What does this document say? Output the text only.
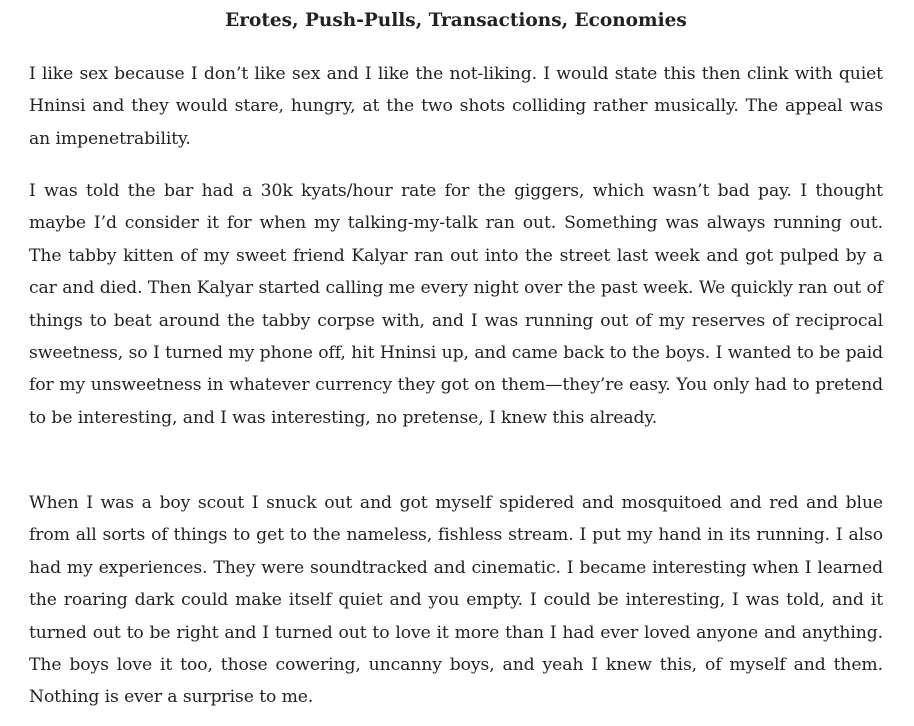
Erotes, Push-Pulls, Transactions, Economies

I like sex because I don’t like sex and I like the not-liking. I would state this then clink with quiet Hninsi and they would stare, hungry, at the two shots colliding rather musically. The appeal was an impenetrability.

I was told the bar had a 30k kyats/hour rate for the giggers, which wasn’t bad pay. I thought maybe I’d consider it for when my talking-my-talk ran out. Something was always running out. The tabby kitten of my sweet friend Kalyar ran out into the street last week and got pulped by a car and died. Then Kalyar started calling me every night over the past week. We quickly ran out of things to beat around the tabby corpse with, and I was running out of my reserves of reciprocal sweetness, so I turned my phone off, hit Hninsi up, and came back to the boys. I wanted to be paid for my unsweetness in whatever currency they got on them—they’re easy. You only had to pretend to be interesting, and I was interesting, no pretense, I knew this already.

When I was a boy scout I snuck out and got myself spidered and mosquitoed and red and blue from all sorts of things to get to the nameless, fishless stream. I put my hand in its running. I also had my experiences. They were soundtracked and cinematic. I became interesting when I learned the roaring dark could make itself quiet and you empty. I could be interesting, I was told, and it turned out to be right and I turned out to love it more than I had ever loved anyone and anything. The boys love it too, those cowering, uncanny boys, and yeah I knew this, of myself and them. Nothing is ever a surprise to me.
